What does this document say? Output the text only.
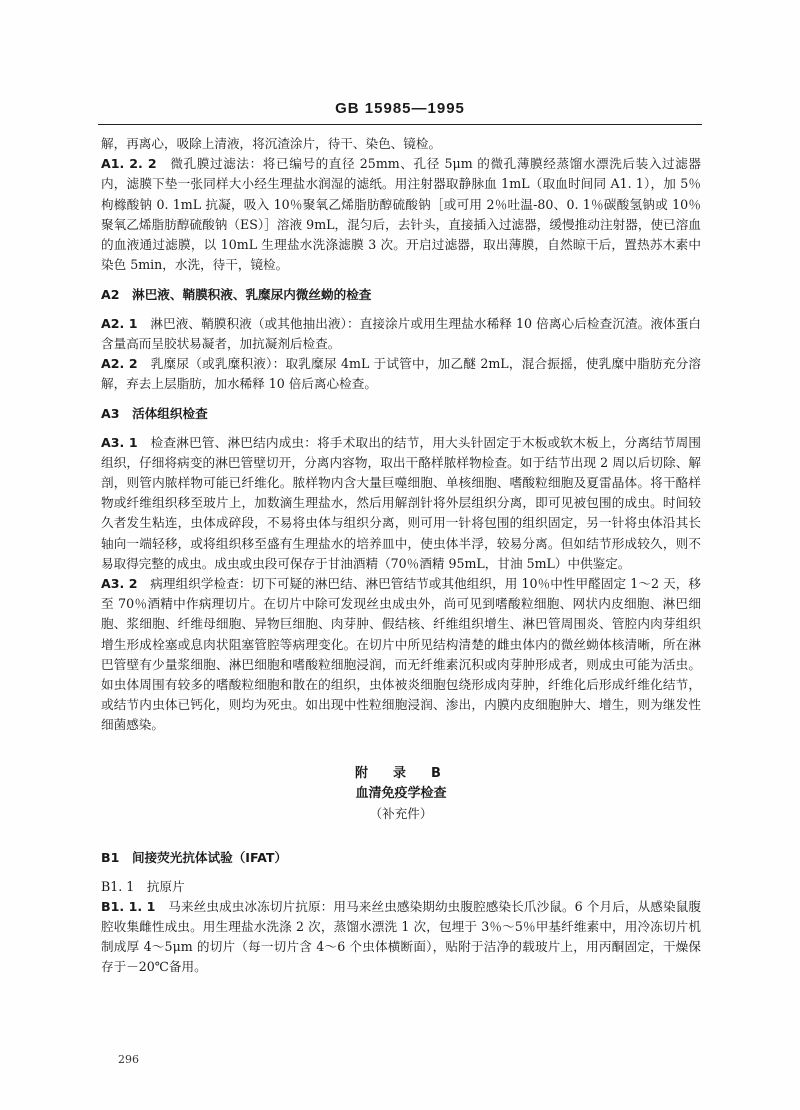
GB 15985—1995

解，再离心，吸除上清液，将沉渣涂片，待干、染色、镜检。

A1. 2. 2　 微孔膜过滤法：将已编号的直径 25mm、孔径 5μm 的微孔薄膜经蒸馏水漂洗后装入过滤器内，滤膜下垫一张同样大小经生理盐水润湿的滤纸。用注射器取静脉血 1mL（取血时间同 A1. 1），加 5％枸橼酸钠 0. 1mL 抗凝，吸入 10％聚氧乙烯脂肪醇硫酸钠［或可用 2％吐温-80、0. 1％碳酸氢钠或 10％聚氧乙烯脂肪醇硫酸钠（ES）］溶液 9mL，混匀后，去针头，直接插入过滤器，缓慢推动注射器，使已溶血的血液通过滤膜，以 10mL 生理盐水洗涤滤膜 3 次。开启过滤器，取出薄膜，自然晾干后，置热苏木素中染色 5min，水洗，待干，镜检。

A2　淋巴液、鞘膜积液、乳糜尿内微丝蚴的检查

A2. 1　 淋巴液、鞘膜积液（或其他抽出液）：直接涂片或用生理盐水稀释 10 倍离心后检查沉渣。液体蛋白含量高而呈胶状易凝者，加抗凝剂后检查。

A2. 2　 乳糜尿（或乳糜积液）：取乳糜尿 4mL 于试管中，加乙醚 2mL，混合振摇，使乳糜中脂肪充分溶解，弃去上层脂肪，加水稀释 10 倍后离心检查。

A3　活体组织检查

A3. 1　 检查淋巴管、淋巴结内成虫：将手术取出的结节，用大头针固定于木板或软木板上，分离结节周围组织，仔细将病变的淋巴管壁切开，分离内容物，取出干酪样脓样物检查。如于结节出现 2 周以后切除、解剖，则管内脓样物可能已纤维化。脓样物内含大量巨噬细胞、单核细胞、嗜酸粒细胞及夏雷晶体。将干酪样物或纤维组织移至玻片上，加数滴生理盐水，然后用解剖针将外层组织分离，即可见被包围的成虫。时间较久者发生粘连，虫体成碎段，不易将虫体与组织分离，则可用一针将包围的组织固定，另一针将虫体沿其长轴向一端轻移，或将组织移至盛有生理盐水的培养皿中，使虫体半浮，较易分离。但如结节形成较久，则不易取得完整的成虫。成虫或虫段可保存于甘油酒精（70％酒精 95mL，甘油 5mL）中供鉴定。

A3. 2　 病理组织学检查：切下可疑的淋巴结、淋巴管结节或其他组织，用 10％中性甲醛固定 1～2 天，移至 70％酒精中作病理切片。在切片中除可发现丝虫成虫外，尚可见到嗜酸粒细胞、网状内皮细胞、淋巴细胞、浆细胞、纤维母细胞、异物巨细胞、肉芽肿、假结核、纤维组织增生、淋巴管周围炎、管腔内肉芽组织增生形成栓塞或息肉状阻塞管腔等病理变化。在切片中所见结构清楚的雌虫体内的微丝蚴体核清晰，所在淋巴管壁有少量浆细胞、淋巴细胞和嗜酸粒细胞浸润，而无纤维素沉积或肉芽肿形成者，则成虫可能为活虫。如虫体周围有较多的嗜酸粒细胞和散在的组织，虫体被炎细胞包绕形成肉芽肿，纤维化后形成纤维化结节，或结节内虫体已钙化，则均为死虫。如出现中性粒细胞浸润、渗出，内膜内皮细胞肿大、增生，则为继发性细菌感染。

附　录　B

血清免疫学检查

（补充件）

B1　间接荧光抗体试验（IFAT）

B1. 1　抗原片

B1. 1. 1　 马来丝虫成虫冰冻切片抗原：用马来丝虫感染期幼虫腹腔感染长爪沙鼠。6 个月后，从感染鼠腹腔收集雌性成虫。用生理盐水洗涤 2 次，蒸馏水漂洗 1 次，包埋于 3％～5％甲基纤维素中，用冷冻切片机制成厚 4～5μm 的切片（每一切片含 4～6 个虫体横断面），贴附于洁净的载玻片上，用丙酮固定，干燥保存于－20℃备用。

296
